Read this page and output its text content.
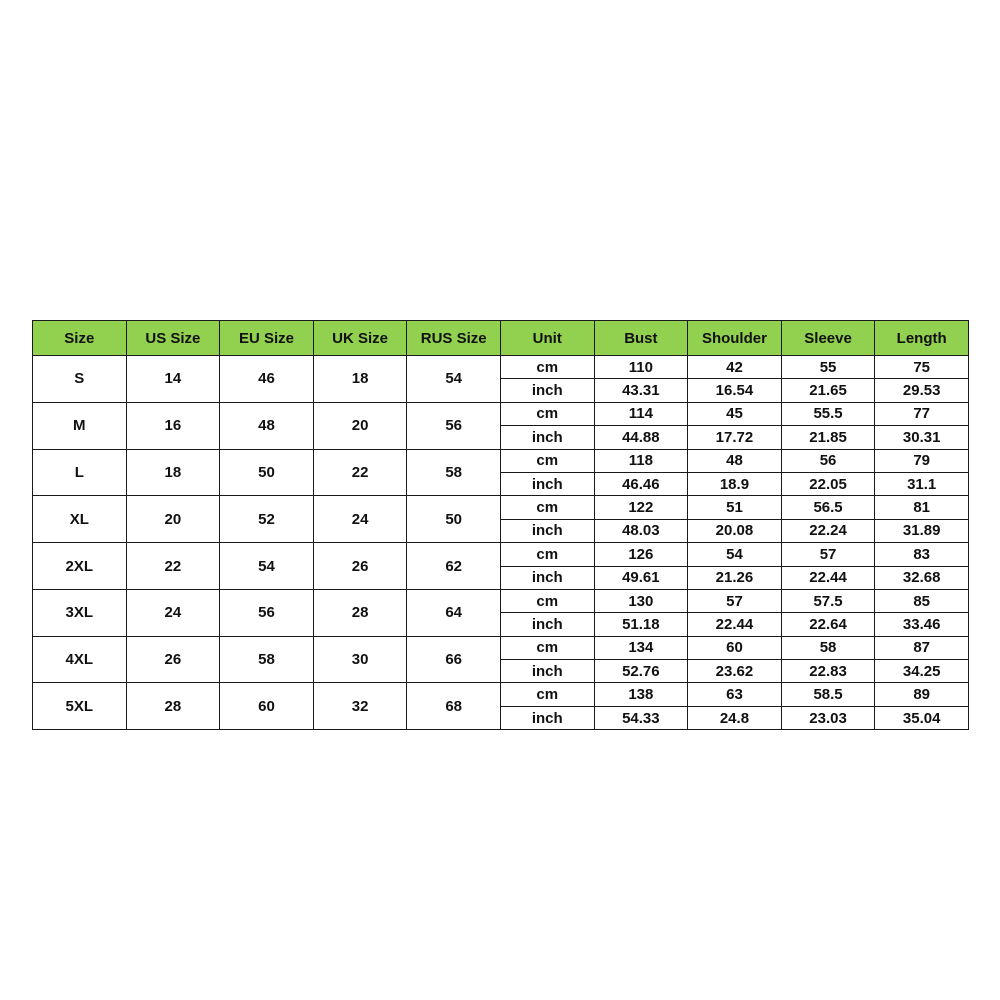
Size	US Size	EU Size	UK Size	RUS Size	Unit	Bust	Shoulder	Sleeve	Length
S	14	46	18	54	cm	110	42	55	75
					inch	43.31	16.54	21.65	29.53
M	16	48	20	56	cm	114	45	55.5	77
					inch	44.88	17.72	21.85	30.31
L	18	50	22	58	cm	118	48	56	79
					inch	46.46	18.9	22.05	31.1
XL	20	52	24	50	cm	122	51	56.5	81
					inch	48.03	20.08	22.24	31.89
2XL	22	54	26	62	cm	126	54	57	83
					inch	49.61	21.26	22.44	32.68
3XL	24	56	28	64	cm	130	57	57.5	85
					inch	51.18	22.44	22.64	33.46
4XL	26	58	30	66	cm	134	60	58	87
					inch	52.76	23.62	22.83	34.25
5XL	28	60	32	68	cm	138	63	58.5	89
					inch	54.33	24.8	23.03	35.04
